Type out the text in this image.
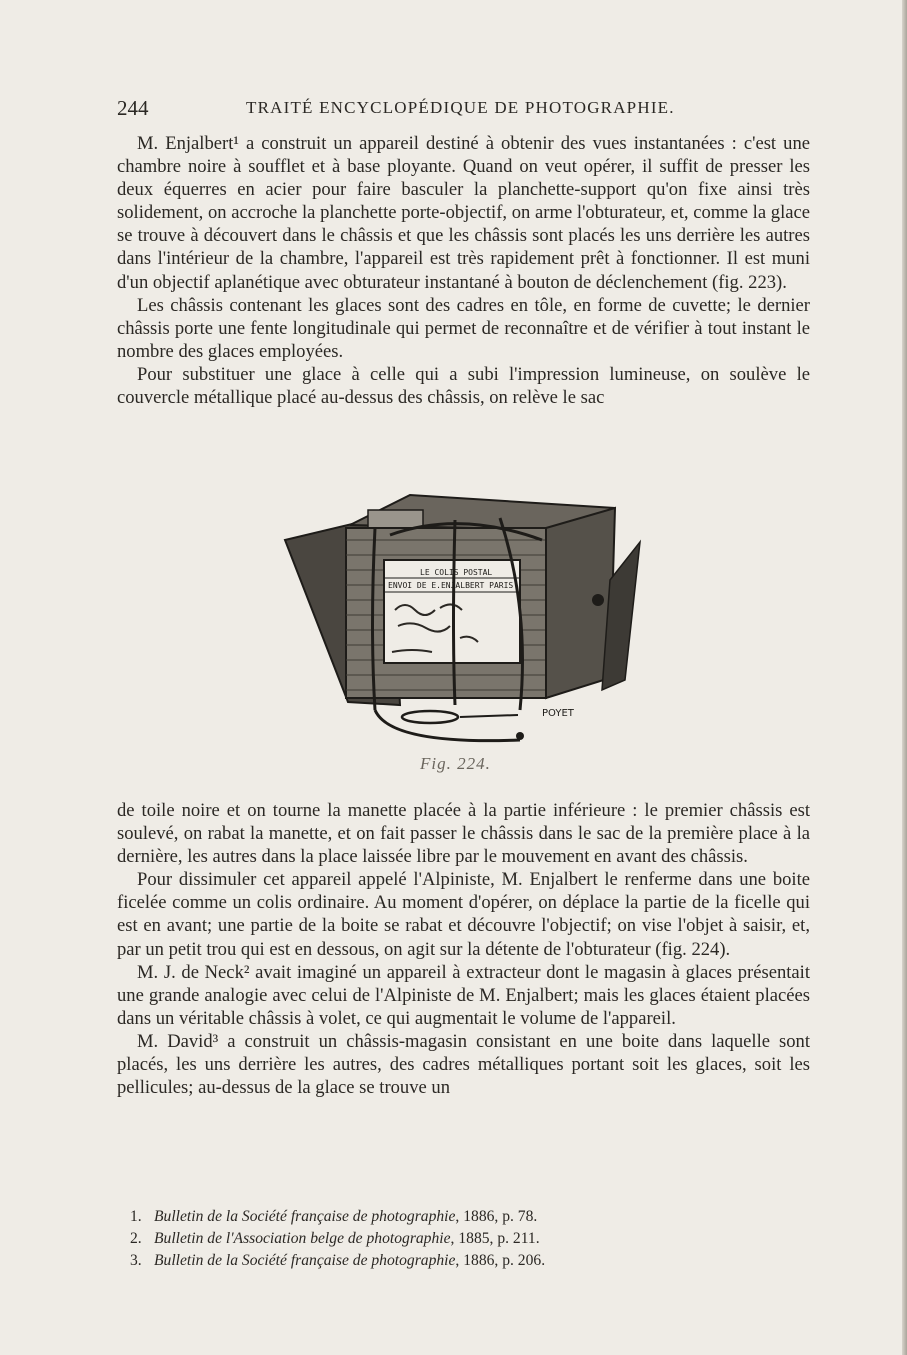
244	TRAITÉ ENCYCLOPÉDIQUE DE PHOTOGRAPHIE.

M. Enjalbert¹ a construit un appareil destiné à obtenir des vues instantanées : c'est une chambre noire à soufflet et à base ployante. Quand on veut opérer, il suffit de presser les deux équerres en acier pour faire basculer la planchette-support qu'on fixe ainsi très solidement, on accroche la planchette porte-objectif, on arme l'obturateur, et, comme la glace se trouve à découvert dans le châssis et que les châssis sont placés les uns derrière les autres dans l'intérieur de la chambre, l'appareil est très rapidement prêt à fonctionner. Il est muni d'un objectif aplanétique avec obturateur instantané à bouton de déclenchement (fig. 223).

Les châssis contenant les glaces sont des cadres en tôle, en forme de cuvette; le dernier châssis porte une fente longitudinale qui permet de reconnaître et de vérifier à tout instant le nombre des glaces employées.

Pour substituer une glace à celle qui a subi l'impression lumineuse, on soulève le couvercle métallique placé au-dessus des châssis, on relève le sac

LE COLIS POSTAL
ENVOI DE E.ENJALBERT PARIS
POYET
Fig. 224.

de toile noire et on tourne la manette placée à la partie inférieure : le premier châssis est soulevé, on rabat la manette, et on fait passer le châssis dans le sac de la première place à la dernière, les autres dans la place laissée libre par le mouvement en avant des châssis.

Pour dissimuler cet appareil appelé l'Alpiniste, M. Enjalbert le renferme dans une boite ficelée comme un colis ordinaire. Au moment d'opérer, on déplace la partie de la ficelle qui est en avant; une partie de la boite se rabat et découvre l'objectif; on vise l'objet à saisir, et, par un petit trou qui est en dessous, on agit sur la détente de l'obturateur (fig. 224).

M. J. de Neck² avait imaginé un appareil à extracteur dont le magasin à glaces présentait une grande analogie avec celui de l'Alpiniste de M. Enjalbert; mais les glaces étaient placées dans un véritable châssis à volet, ce qui augmentait le volume de l'appareil.

M. David³ a construit un châssis-magasin consistant en une boite dans laquelle sont placés, les uns derrière les autres, des cadres métalliques portant soit les glaces, soit les pellicules; au-dessus de la glace se trouve un

1. Bulletin de la Société française de photographie, 1886, p. 78.
2. Bulletin de l'Association belge de photographie, 1885, p. 211.
3. Bulletin de la Société française de photographie, 1886, p. 206.
